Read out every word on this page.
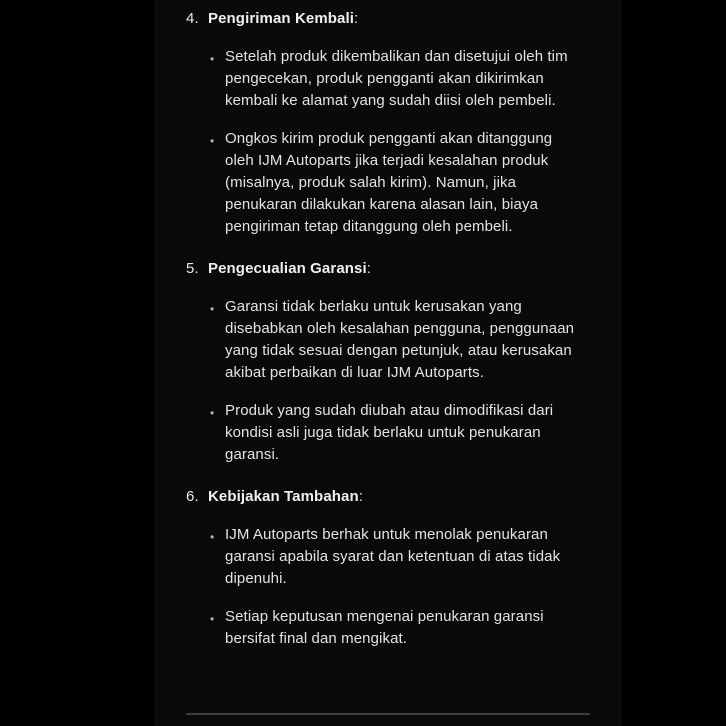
4. Pengiriman Kembali:
• Setelah produk dikembalikan dan disetujui oleh tim pengecekan, produk pengganti akan dikirimkan kembali ke alamat yang sudah diisi oleh pembeli.
• Ongkos kirim produk pengganti akan ditanggung oleh IJM Autoparts jika terjadi kesalahan produk (misalnya, produk salah kirim). Namun, jika penukaran dilakukan karena alasan lain, biaya pengiriman tetap ditanggung oleh pembeli.
5. Pengecualian Garansi:
• Garansi tidak berlaku untuk kerusakan yang disebabkan oleh kesalahan pengguna, penggunaan yang tidak sesuai dengan petunjuk, atau kerusakan akibat perbaikan di luar IJM Autoparts.
• Produk yang sudah diubah atau dimodifikasi dari kondisi asli juga tidak berlaku untuk penukaran garansi.
6. Kebijakan Tambahan:
• IJM Autoparts berhak untuk menolak penukaran garansi apabila syarat dan ketentuan di atas tidak dipenuhi.
• Setiap keputusan mengenai penukaran garansi bersifat final dan mengikat.
